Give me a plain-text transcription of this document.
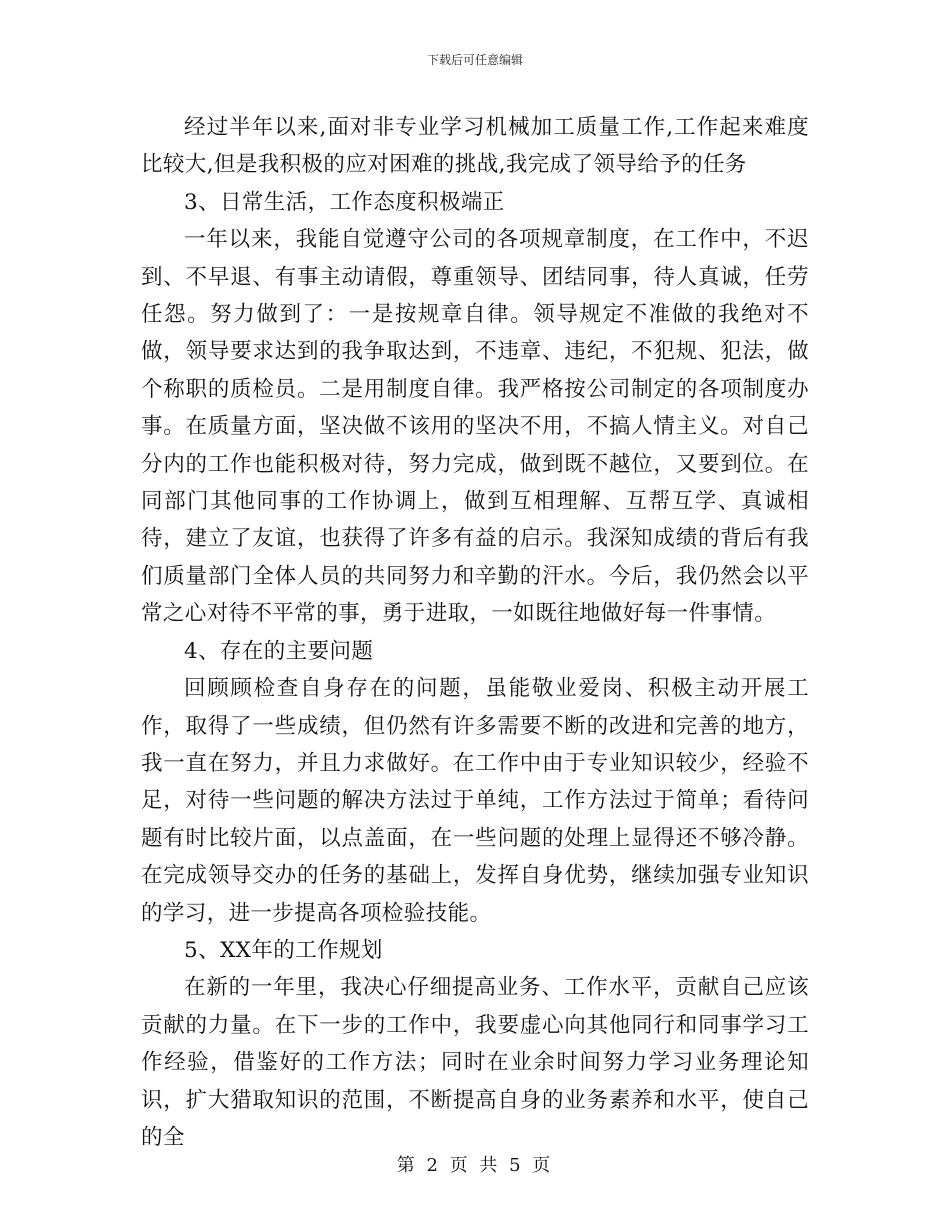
下载后可任意编辑

经过半年以来,面对非专业学习机械加工质量工作,工作起来难度比较大,但是我积极的应对困难的挑战,我完成了领导给予的任务

3、日常生活，工作态度积极端正

一年以来，我能自觉遵守公司的各项规章制度，在工作中，不迟到、不早退、有事主动请假，尊重领导、团结同事，待人真诚，任劳任怨。努力做到了：一是按规章自律。领导规定不准做的我绝对不做，领导要求达到的我争取达到，不违章、违纪，不犯规、犯法，做个称职的质检员。二是用制度自律。我严格按公司制定的各项制度办事。在质量方面，坚决做不该用的坚决不用，不搞人情主义。对自己分内的工作也能积极对待，努力完成，做到既不越位，又要到位。在同部门其他同事的工作协调上，做到互相理解、互帮互学、真诚相待，建立了友谊，也获得了许多有益的启示。我深知成绩的背后有我们质量部门全体人员的共同努力和辛勤的汗水。今后，我仍然会以平常之心对待不平常的事，勇于进取，一如既往地做好每一件事情。

4、存在的主要问题

回顾顾检查自身存在的问题，虽能敬业爱岗、积极主动开展工作，取得了一些成绩，但仍然有许多需要不断的改进和完善的地方，我一直在努力，并且力求做好。在工作中由于专业知识较少，经验不足，对待一些问题的解决方法过于单纯，工作方法过于简单；看待问题有时比较片面，以点盖面，在一些问题的处理上显得还不够冷静。在完成领导交办的任务的基础上，发挥自身优势，继续加强专业知识的学习，进一步提高各项检验技能。

5、XX年的工作规划

在新的一年里，我决心仔细提高业务、工作水平，贡献自己应该贡献的力量。在下一步的工作中，我要虚心向其他同行和同事学习工作经验，借鉴好的工作方法；同时在业余时间努力学习业务理论知识，扩大猎取知识的范围，不断提高自身的业务素养和水平，使自己的全

第 2 页 共 5 页
